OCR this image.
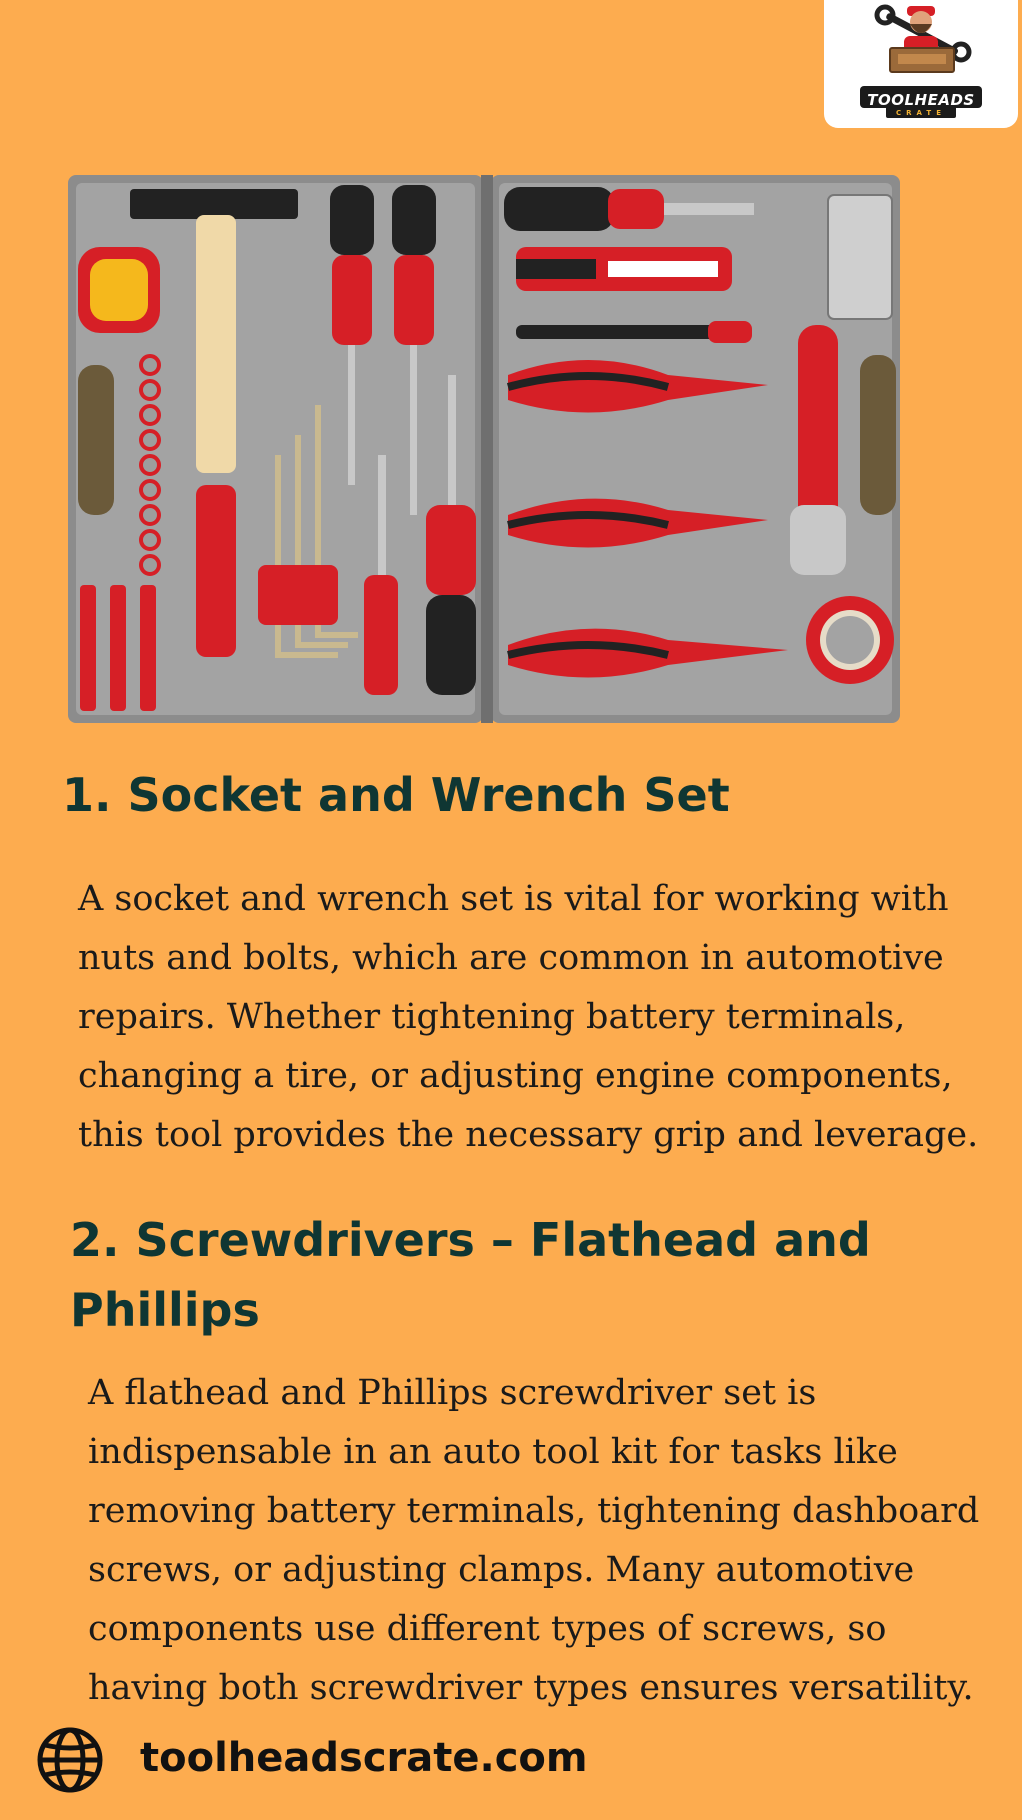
TOOLHEADS
CRATE
1. Socket and Wrench Set

A socket and wrench set is vital for working with nuts and bolts, which are common in automotive repairs. Whether tightening battery terminals, changing a tire, or adjusting engine components, this tool provides the necessary grip and leverage.

2. Screwdrivers – Flathead and Phillips

A flathead and Phillips screwdriver set is indispensable in an auto tool kit for tasks like removing battery terminals, tightening dashboard screws, or adjusting clamps. Many automotive components use different types of screws, so having both screwdriver types ensures versatility.

toolheadscrate.com
